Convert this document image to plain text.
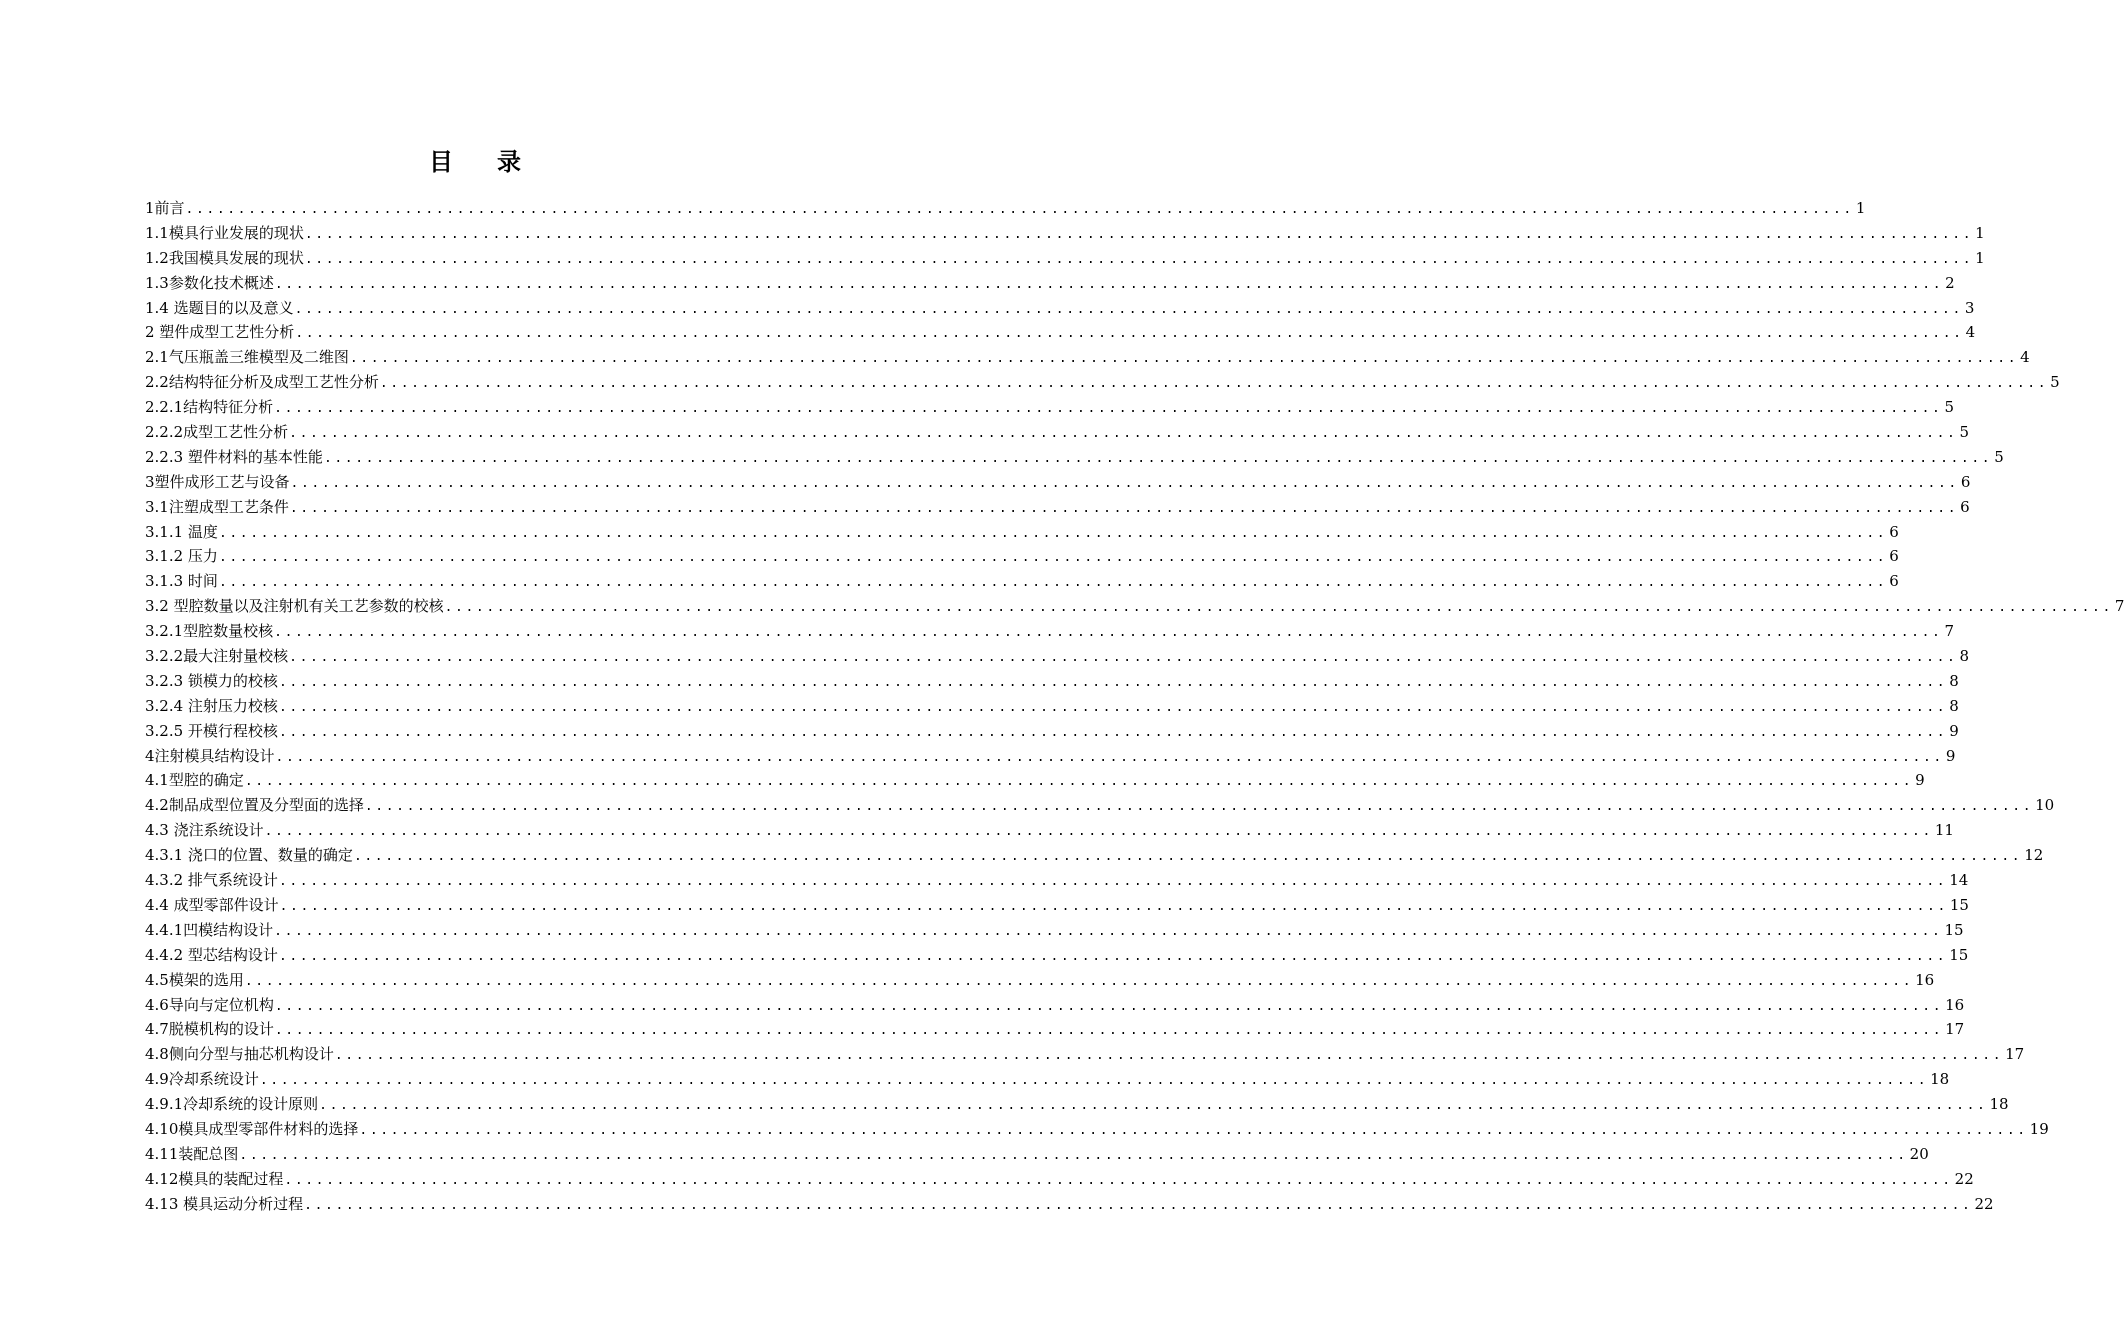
目录
1前言 ................................................................................................................................................................ 1
1.1模具行业发展的现状 ................................................................................................................................................................ 1
1.2我国模具发展的现状 ................................................................................................................................................................ 1
1.3参数化技术概述 ................................................................................................................................................................ 2
1.4 选题目的以及意义 ................................................................................................................................................................ 3
2 塑件成型工艺性分析 ................................................................................................................................................................ 4
2.1气压瓶盖三维模型及二维图 ................................................................................................................................................................ 4
2.2结构特征分析及成型工艺性分析 ................................................................................................................................................................ 5
2.2.1结构特征分析 ................................................................................................................................................................ 5
2.2.2成型工艺性分析 ................................................................................................................................................................ 5
2.2.3 塑件材料的基本性能 ................................................................................................................................................................ 5
3塑件成形工艺与设备 ................................................................................................................................................................ 6
3.1注塑成型工艺条件 ................................................................................................................................................................ 6
3.1.1 温度 ................................................................................................................................................................ 6
3.1.2 压力 ................................................................................................................................................................ 6
3.1.3 时间 ................................................................................................................................................................ 6
3.2 型腔数量以及注射机有关工艺参数的校核 ................................................................................................................................................................ 7
3.2.1型腔数量校核 ................................................................................................................................................................ 7
3.2.2最大注射量校核 ................................................................................................................................................................ 8
3.2.3 锁模力的校核 ................................................................................................................................................................ 8
3.2.4 注射压力校核 ................................................................................................................................................................ 8
3.2.5 开模行程校核 ................................................................................................................................................................ 9
4注射模具结构设计 ................................................................................................................................................................ 9
4.1型腔的确定 ................................................................................................................................................................ 9
4.2制品成型位置及分型面的选择 ................................................................................................................................................................ 10
4.3 浇注系统设计 ................................................................................................................................................................ 11
4.3.1 浇口的位置、数量的确定 ................................................................................................................................................................ 12
4.3.2 排气系统设计 ................................................................................................................................................................ 14
4.4 成型零部件设计 ................................................................................................................................................................ 15
4.4.1凹模结构设计 ................................................................................................................................................................ 15
4.4.2 型芯结构设计 ................................................................................................................................................................ 15
4.5模架的选用 ................................................................................................................................................................ 16
4.6导向与定位机构 ................................................................................................................................................................ 16
4.7脱模机构的设计 ................................................................................................................................................................ 17
4.8侧向分型与抽芯机构设计 ................................................................................................................................................................ 17
4.9冷却系统设计 ................................................................................................................................................................ 18
4.9.1冷却系统的设计原则 ................................................................................................................................................................ 18
4.10模具成型零部件材料的选择 ................................................................................................................................................................ 19
4.11装配总图 ................................................................................................................................................................ 20
4.12模具的装配过程 ................................................................................................................................................................ 22
4.13 模具运动分析过程 ................................................................................................................................................................ 22
